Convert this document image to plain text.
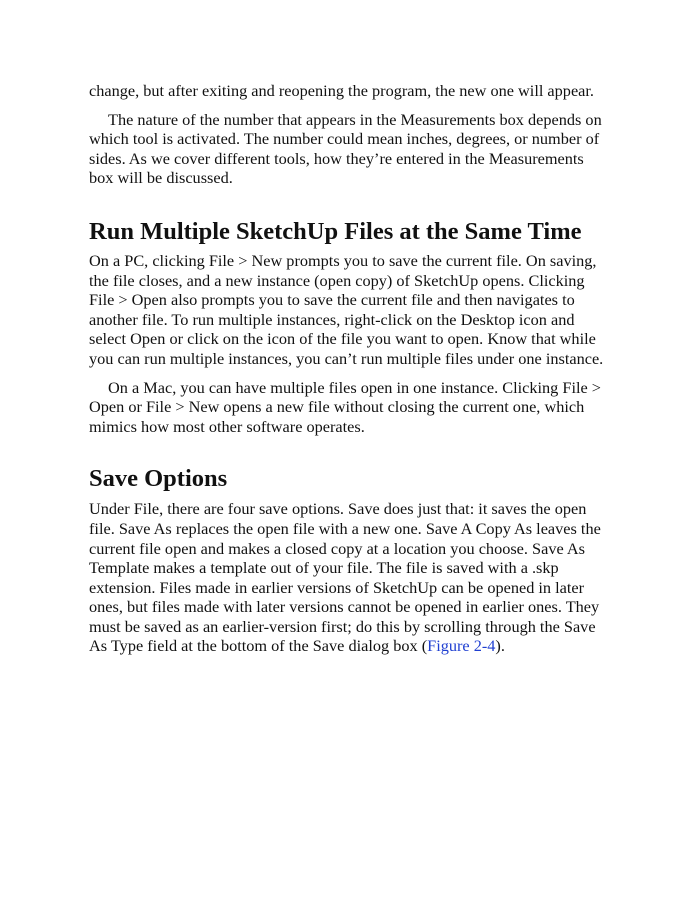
change, but after exiting and reopening the program, the new one will appear.

The nature of the number that appears in the Measurements box depends on which tool is activated. The number could mean inches, degrees, or number of sides. As we cover different tools, how they’re entered in the Measurements box will be discussed.

Run Multiple SketchUp Files at the Same Time

On a PC, clicking File > New prompts you to save the current file. On saving, the file closes, and a new instance (open copy) of SketchUp opens. Clicking File > Open also prompts you to save the current file and then navigates to another file. To run multiple instances, right-click on the Desktop icon and select Open or click on the icon of the file you want to open. Know that while you can run multiple instances, you can’t run multiple files under one instance.

On a Mac, you can have multiple files open in one instance. Clicking File > Open or File > New opens a new file without closing the current one, which mimics how most other software operates.

Save Options

Under File, there are four save options. Save does just that: it saves the open file. Save As replaces the open file with a new one. Save A Copy As leaves the current file open and makes a closed copy at a location you choose. Save As Template makes a template out of your file. The file is saved with a .skp extension. Files made in earlier versions of SketchUp can be opened in later ones, but files made with later versions cannot be opened in earlier ones. They must be saved as an earlier-version first; do this by scrolling through the Save As Type field at the bottom of the Save dialog box (Figure 2-4).
